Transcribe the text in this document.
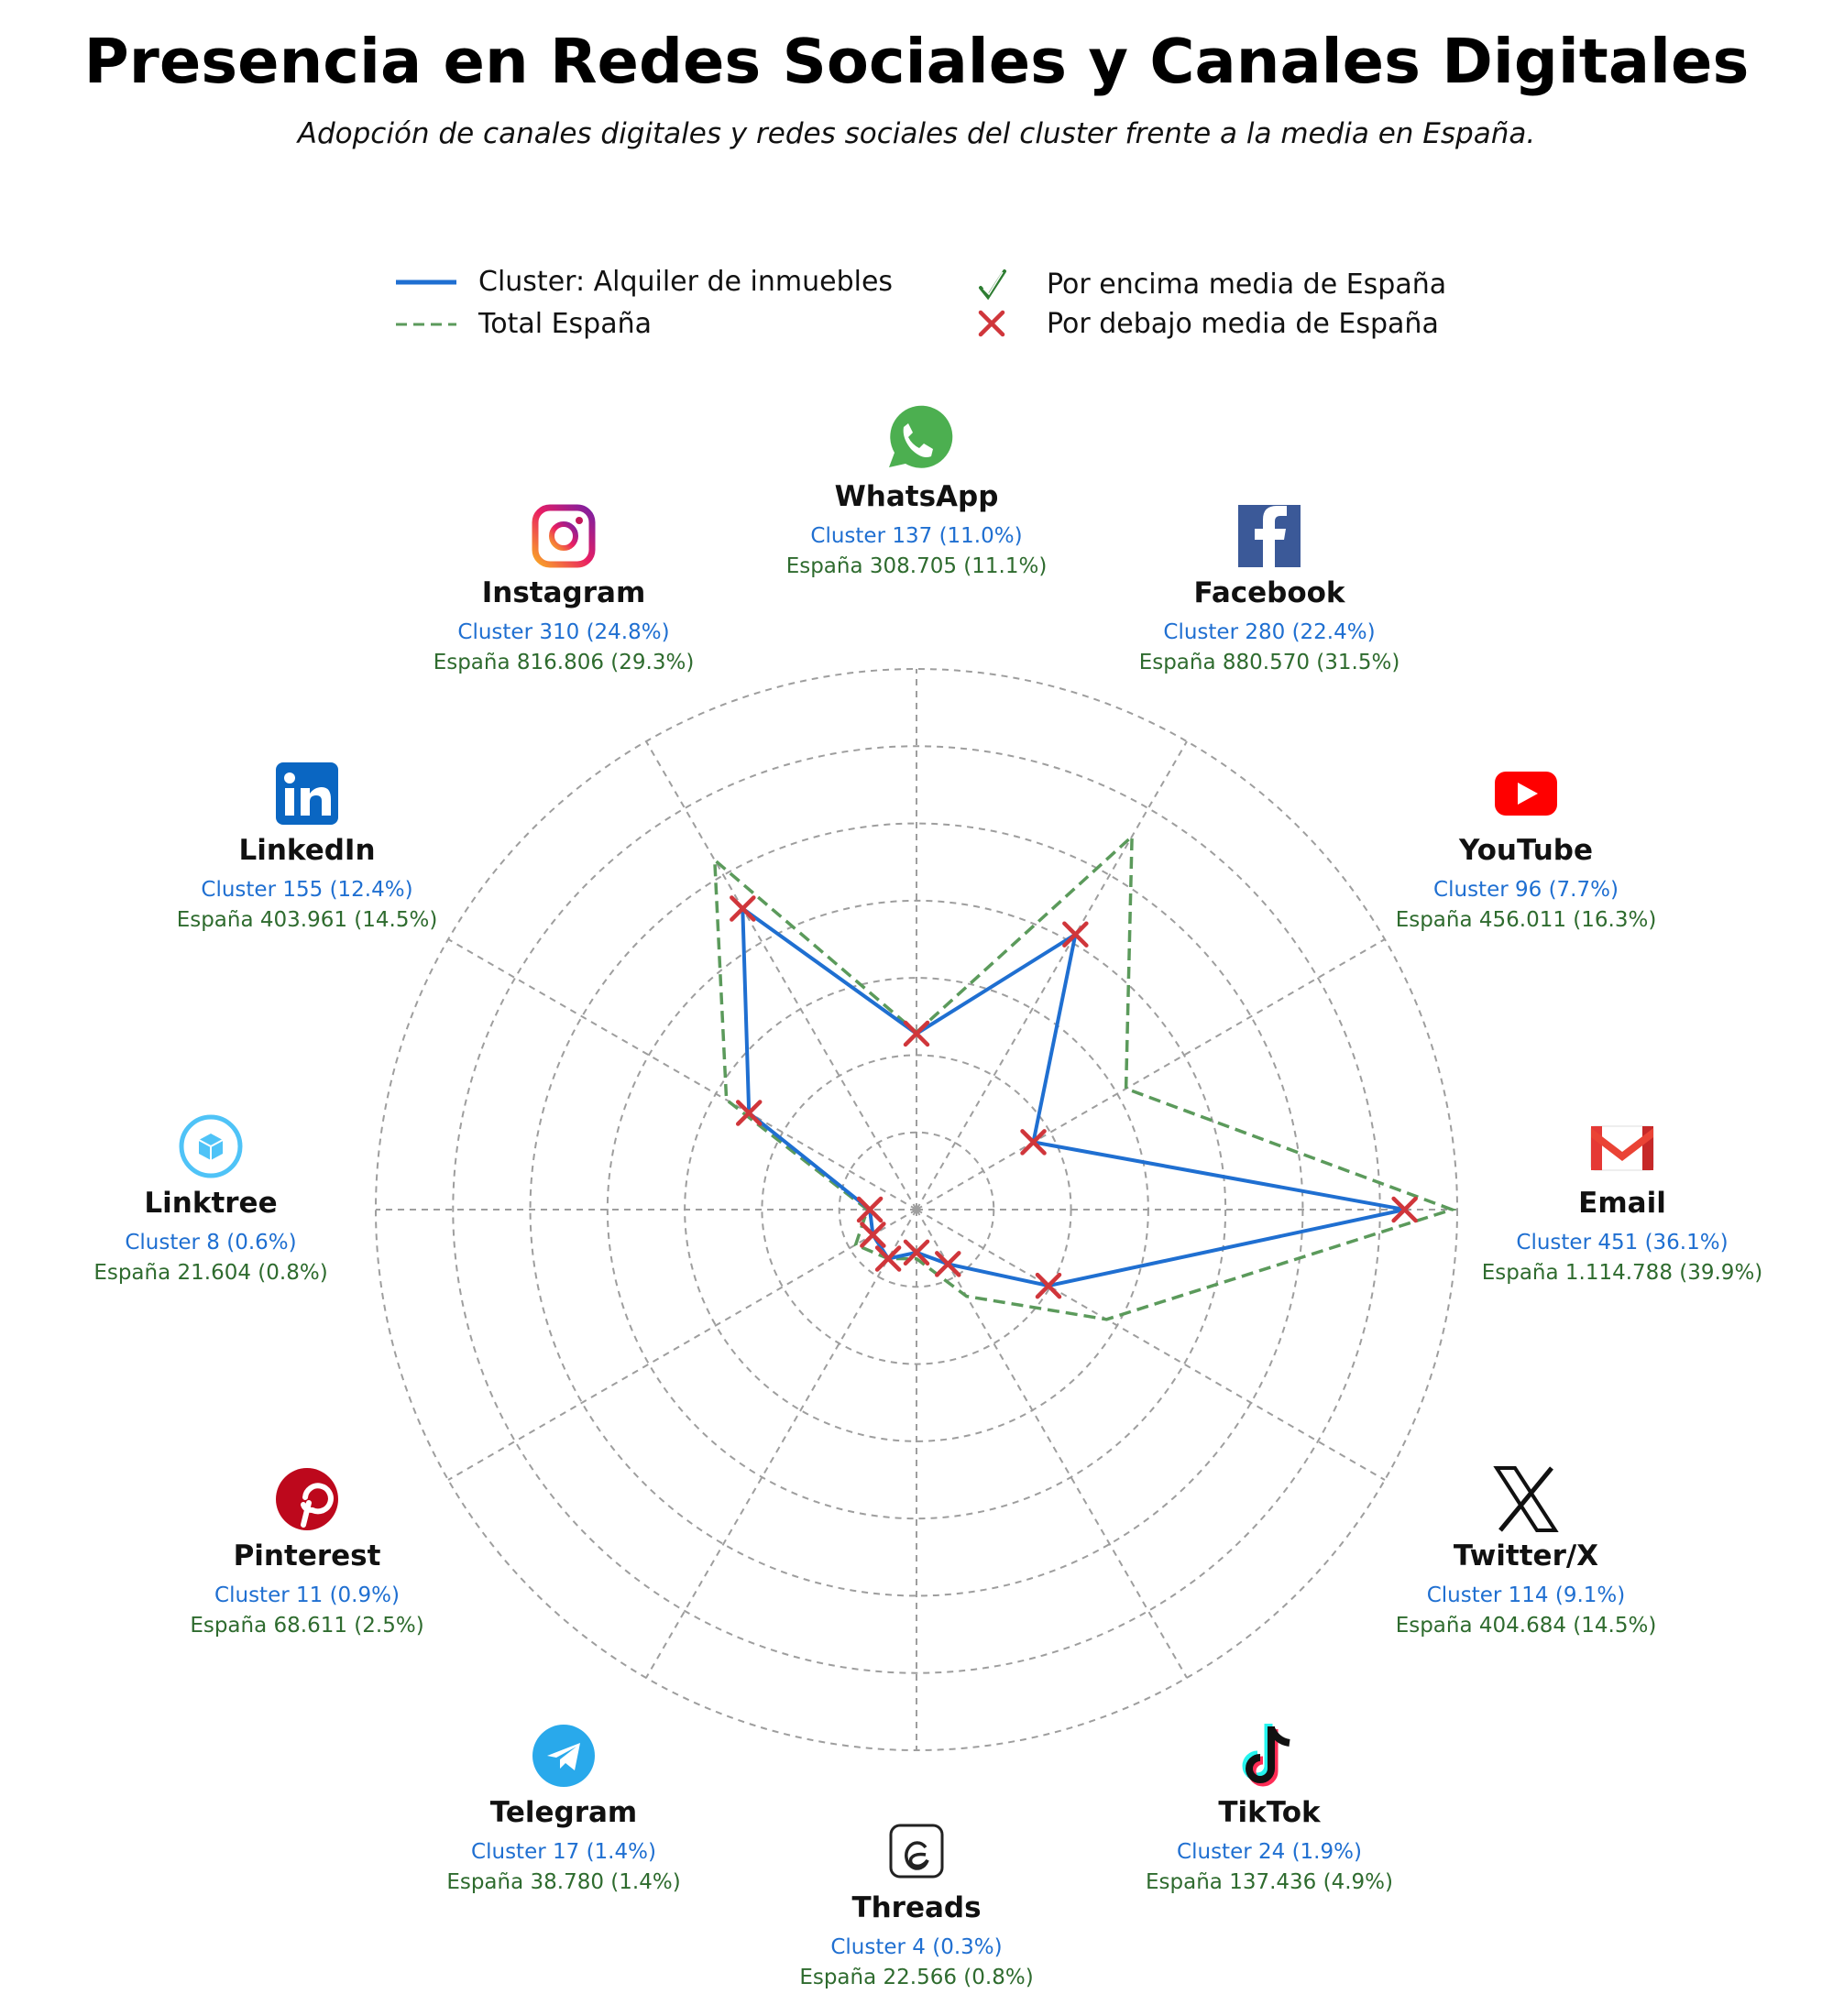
Presencia en Redes Sociales y Canales Digitales
Adopción de canales digitales y redes sociales del cluster frente a la media en España.
Cluster: Alquiler de inmuebles
Total España
Por encima media de España
Por debajo media de España
WhatsApp
Cluster 137 (11.0%)
España 308.705 (11.1%)
Facebook
Cluster 280 (22.4%)
España 880.570 (31.5%)
YouTube
Cluster 96 (7.7%)
España 456.011 (16.3%)
Email
Cluster 451 (36.1%)
España 1.114.788 (39.9%)
Twitter/X
Cluster 114 (9.1%)
España 404.684 (14.5%)
TikTok
Cluster 24 (1.9%)
España 137.436 (4.9%)
Threads
Cluster 4 (0.3%)
España 22.566 (0.8%)
Telegram
Cluster 17 (1.4%)
España 38.780 (1.4%)
Pinterest
Cluster 11 (0.9%)
España 68.611 (2.5%)
Linktree
Cluster 8 (0.6%)
España 21.604 (0.8%)
LinkedIn
Cluster 155 (12.4%)
España 403.961 (14.5%)
Instagram
Cluster 310 (24.8%)
España 816.806 (29.3%)
